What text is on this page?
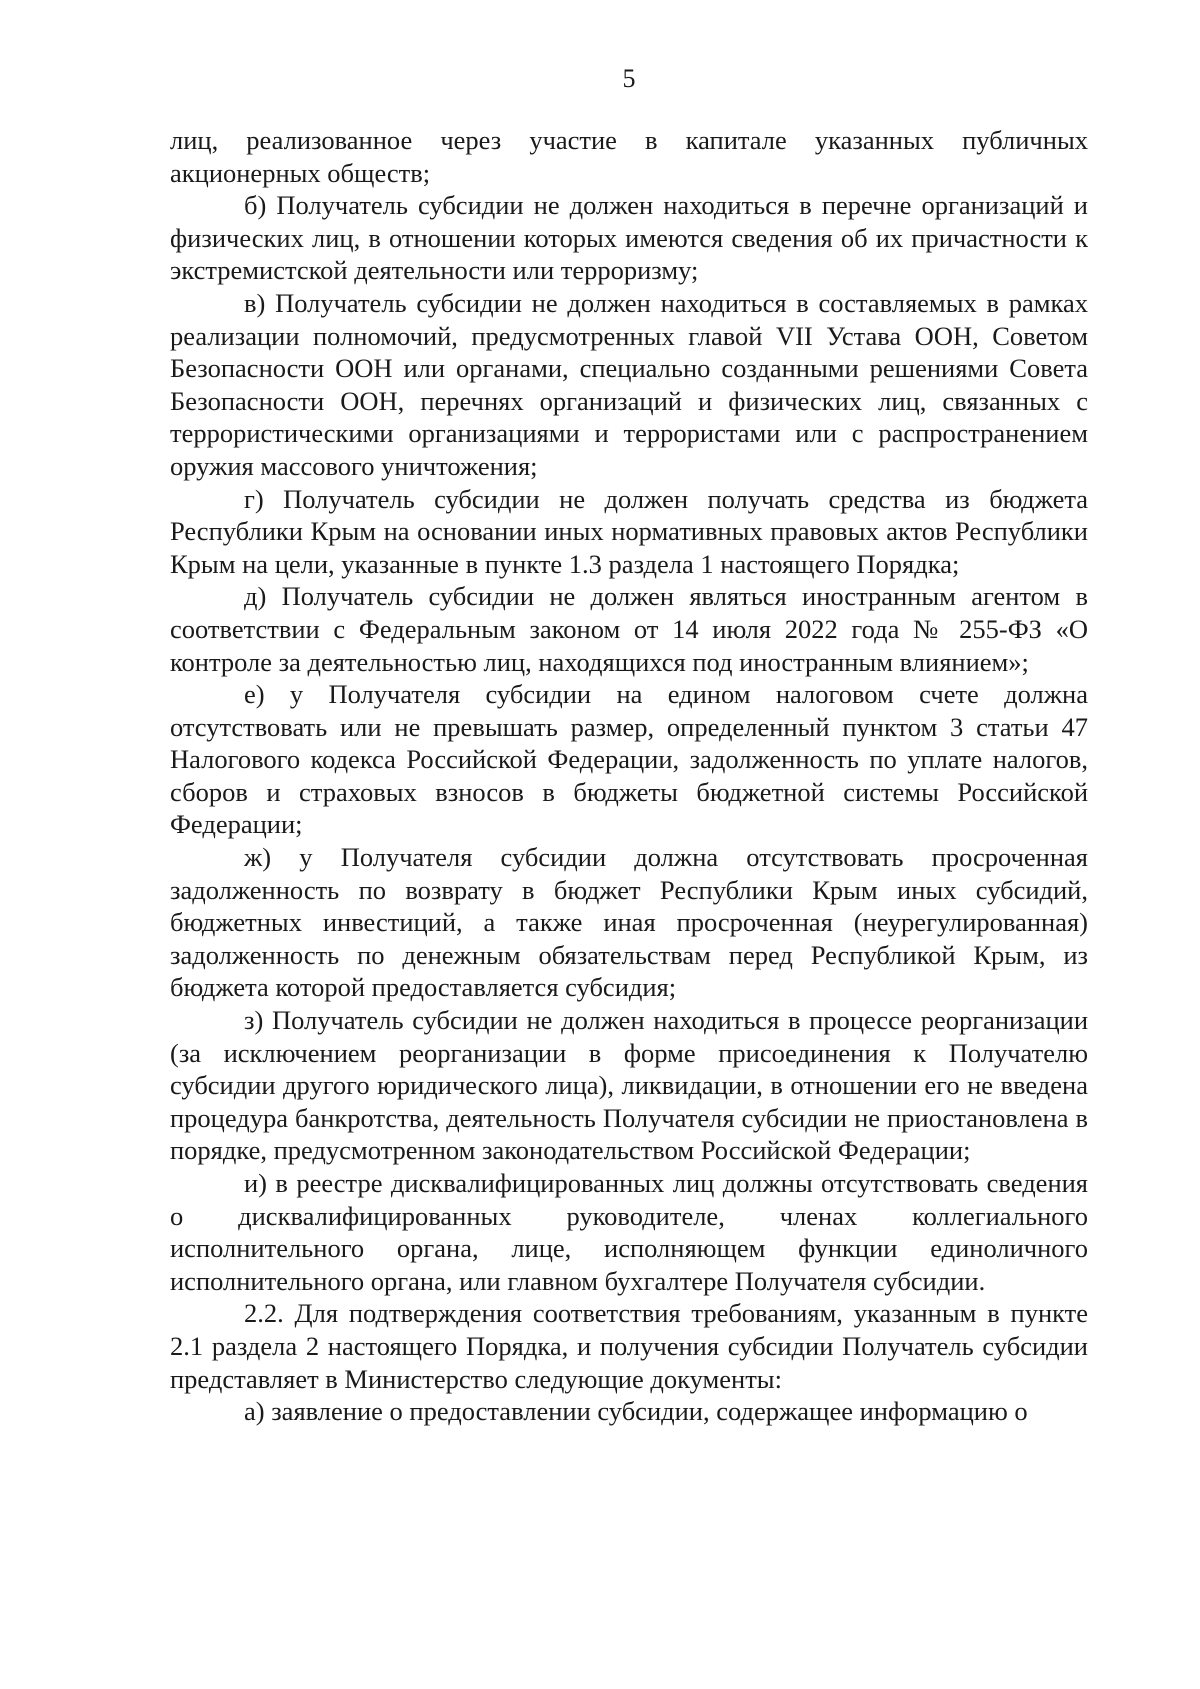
5

лиц, реализованное через участие в капитале указанных публичных акционерных обществ;

б) Получатель субсидии не должен находиться в перечне организаций и физических лиц, в отношении которых имеются сведения об их причастности к экстремистской деятельности или терроризму;

в) Получатель субсидии не должен находиться в составляемых в рамках реализации полномочий, предусмотренных главой VII Устава ООН, Советом Безопасности ООН или органами, специально созданными решениями Совета Безопасности ООН, перечнях организаций и физических лиц, связанных с террористическими организациями и террористами или с распространением оружия массового уничтожения;

г) Получатель субсидии не должен получать средства из бюджета Республики Крым на основании иных нормативных правовых актов Республики Крым на цели, указанные в пункте 1.3 раздела 1 настоящего Порядка;

д) Получатель субсидии не должен являться иностранным агентом в соответствии с Федеральным законом от 14 июля 2022 года № 255-ФЗ «О контроле за деятельностью лиц, находящихся под иностранным влиянием»;

е) у Получателя субсидии на едином налоговом счете должна отсутствовать или не превышать размер, определенный пунктом 3 статьи 47 Налогового кодекса Российской Федерации, задолженность по уплате налогов, сборов и страховых взносов в бюджеты бюджетной системы Российской Федерации;

ж) у Получателя субсидии должна отсутствовать просроченная задолженность по возврату в бюджет Республики Крым иных субсидий, бюджетных инвестиций, а также иная просроченная (неурегулированная) задолженность по денежным обязательствам перед Республикой Крым, из бюджета которой предоставляется субсидия;

з) Получатель субсидии не должен находиться в процессе реорганизации (за исключением реорганизации в форме присоединения к Получателю субсидии другого юридического лица), ликвидации, в отношении его не введена процедура банкротства, деятельность Получателя субсидии не приостановлена в порядке, предусмотренном законодательством Российской Федерации;

и) в реестре дисквалифицированных лиц должны отсутствовать сведения о дисквалифицированных руководителе, членах коллегиального исполнительного органа, лице, исполняющем функции единоличного исполнительного органа, или главном бухгалтере Получателя субсидии.

2.2. Для подтверждения соответствия требованиям, указанным в пункте 2.1 раздела 2 настоящего Порядка, и получения субсидии Получатель субсидии представляет в Министерство следующие документы:

а) заявление о предоставлении субсидии, содержащее информацию о
